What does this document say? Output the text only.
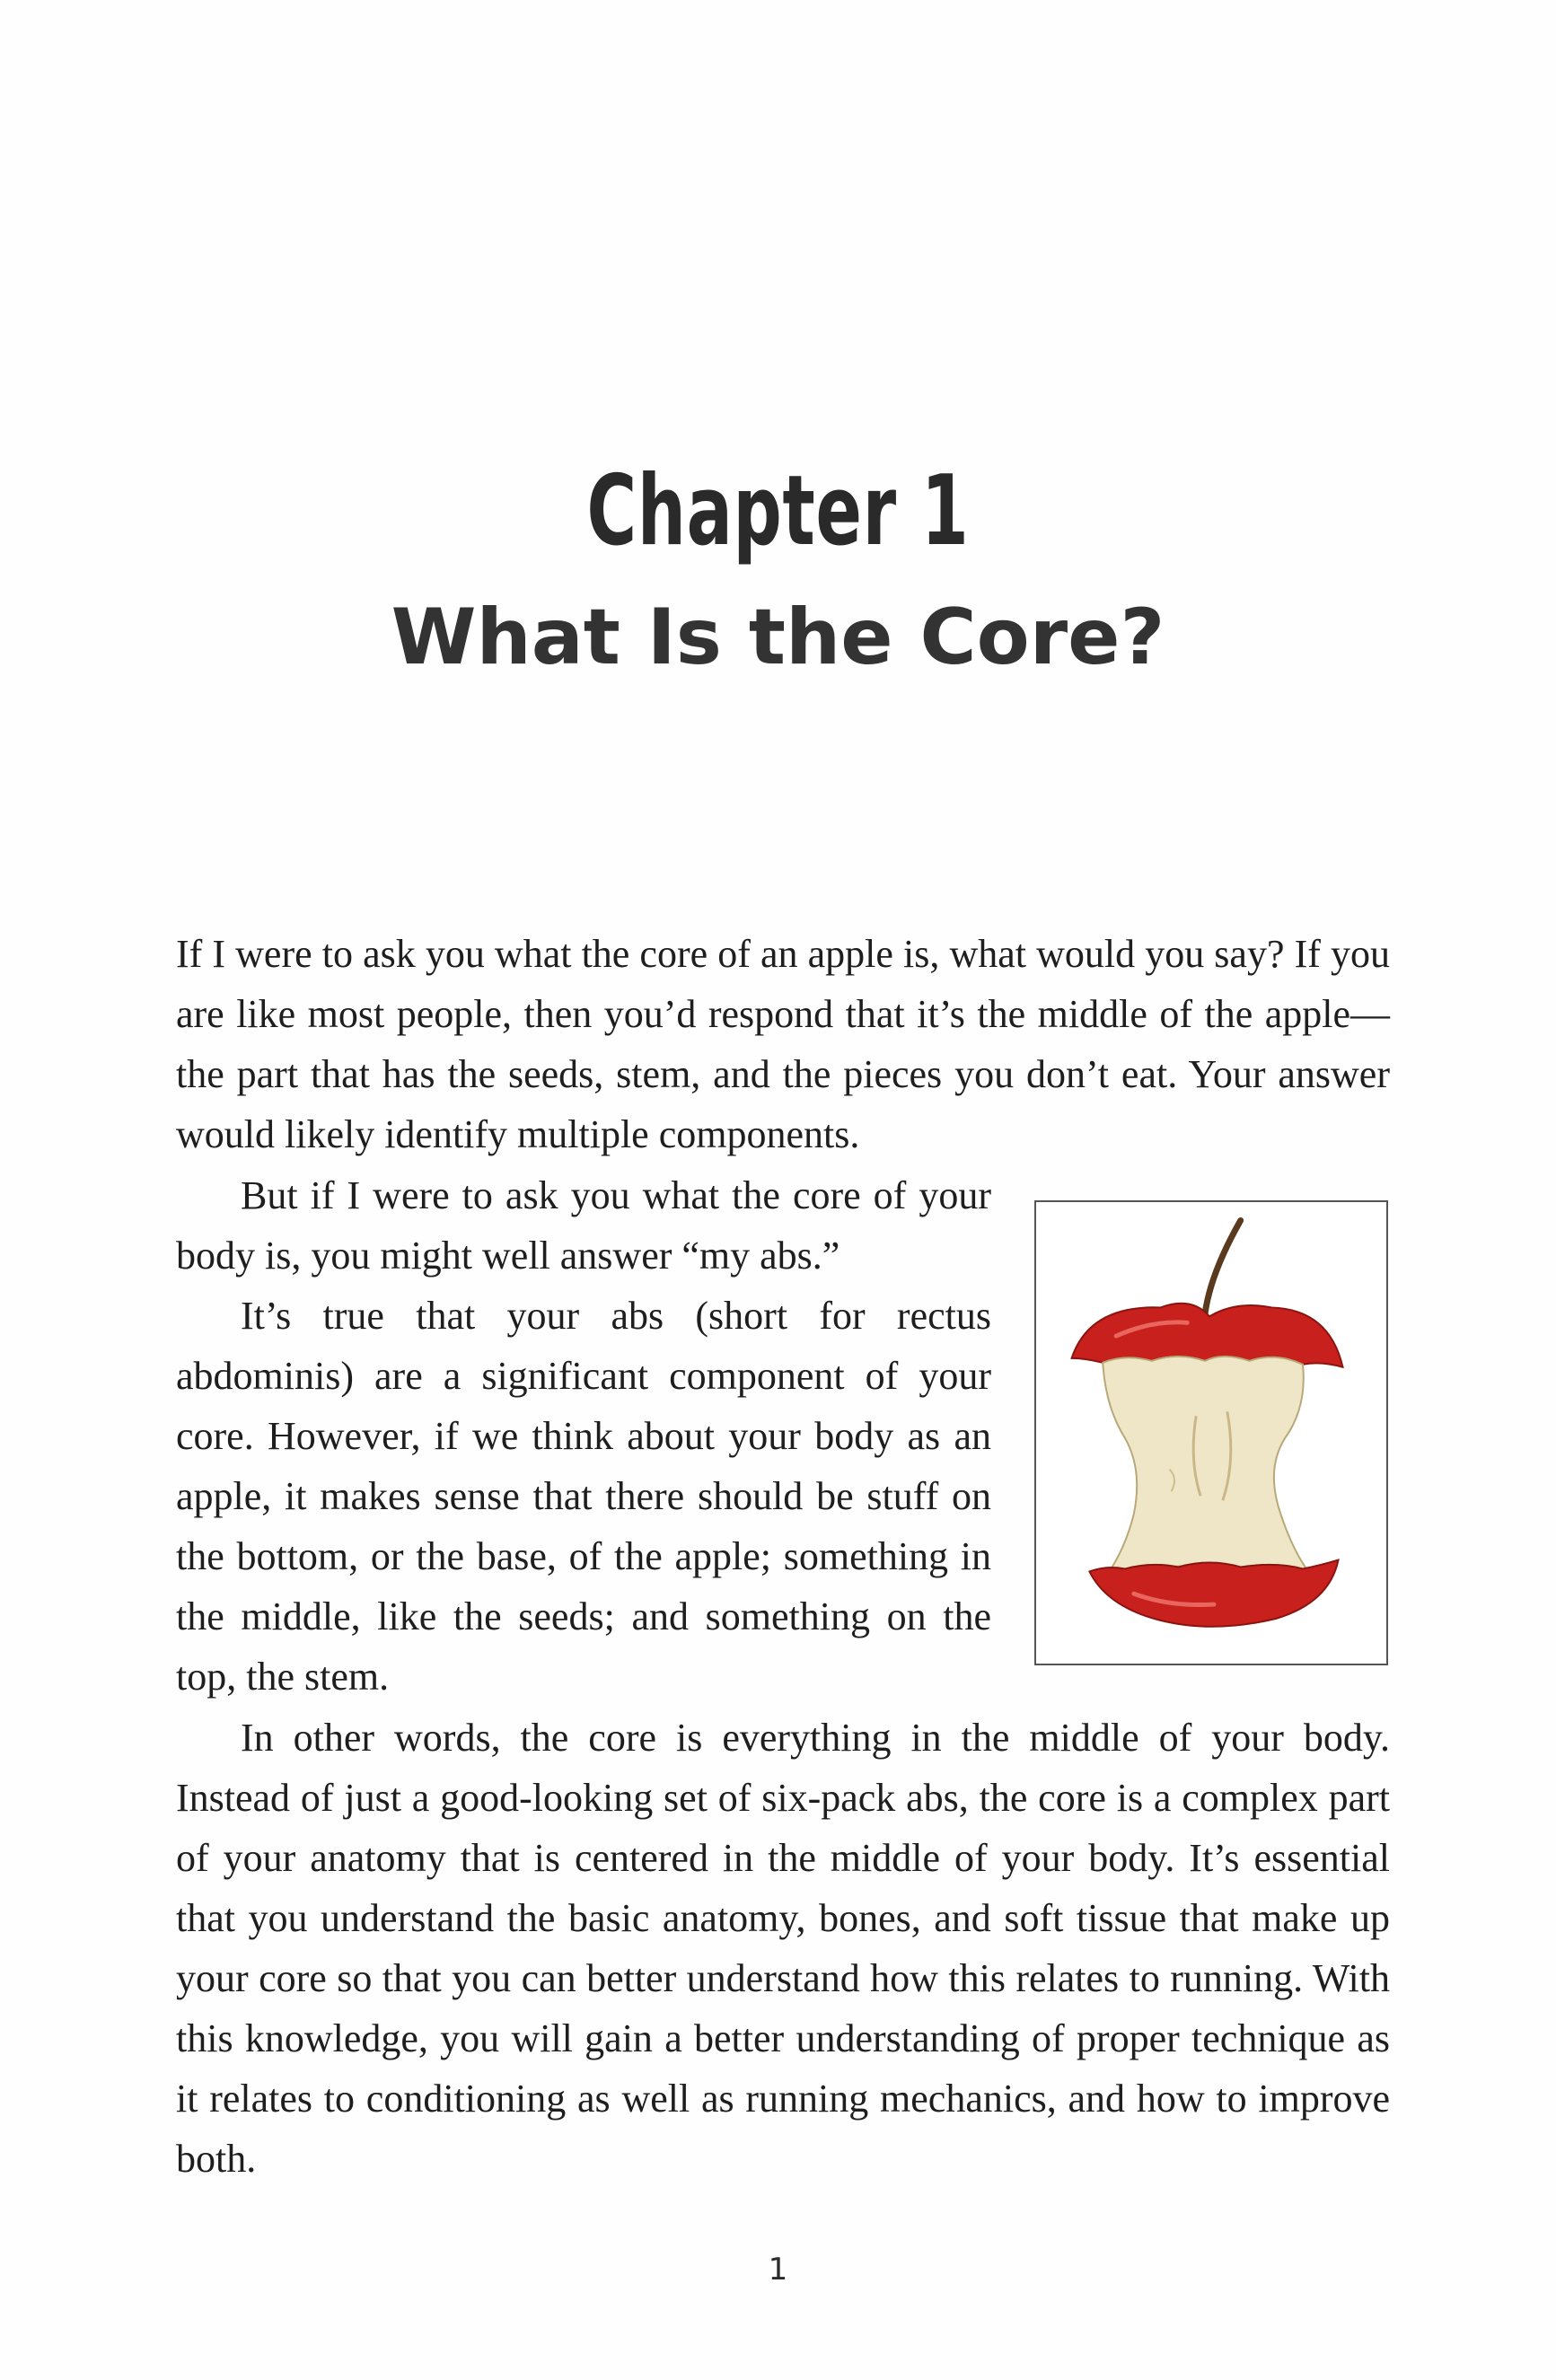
Chapter 1
What Is the Core?

If I were to ask you what the core of an apple is, what would you say? If you are like most people, then you’d respond that it’s the middle of the apple—the part that has the seeds, stem, and the pieces you don’t eat. Your answer would likely identify multiple components.

But if I were to ask you what the core of your body is, you might well answer “my abs.”

It’s true that your abs (short for rectus abdominis) are a significant component of your core. However, if we think about your body as an apple, it makes sense that there should be stuff on the bottom, or the base, of the apple; something in the middle, like the seeds; and something on the top, the stem.

In other words, the core is everything in the middle of your body. Instead of just a good-looking set of six-pack abs, the core is a complex part of your anatomy that is centered in the middle of your body. It’s essential that you understand the basic anatomy, bones, and soft tissue that make up your core so that you can better understand how this relates to running. With this knowledge, you will gain a better understanding of proper technique as it relates to conditioning as well as running mechanics, and how to improve both.

1
